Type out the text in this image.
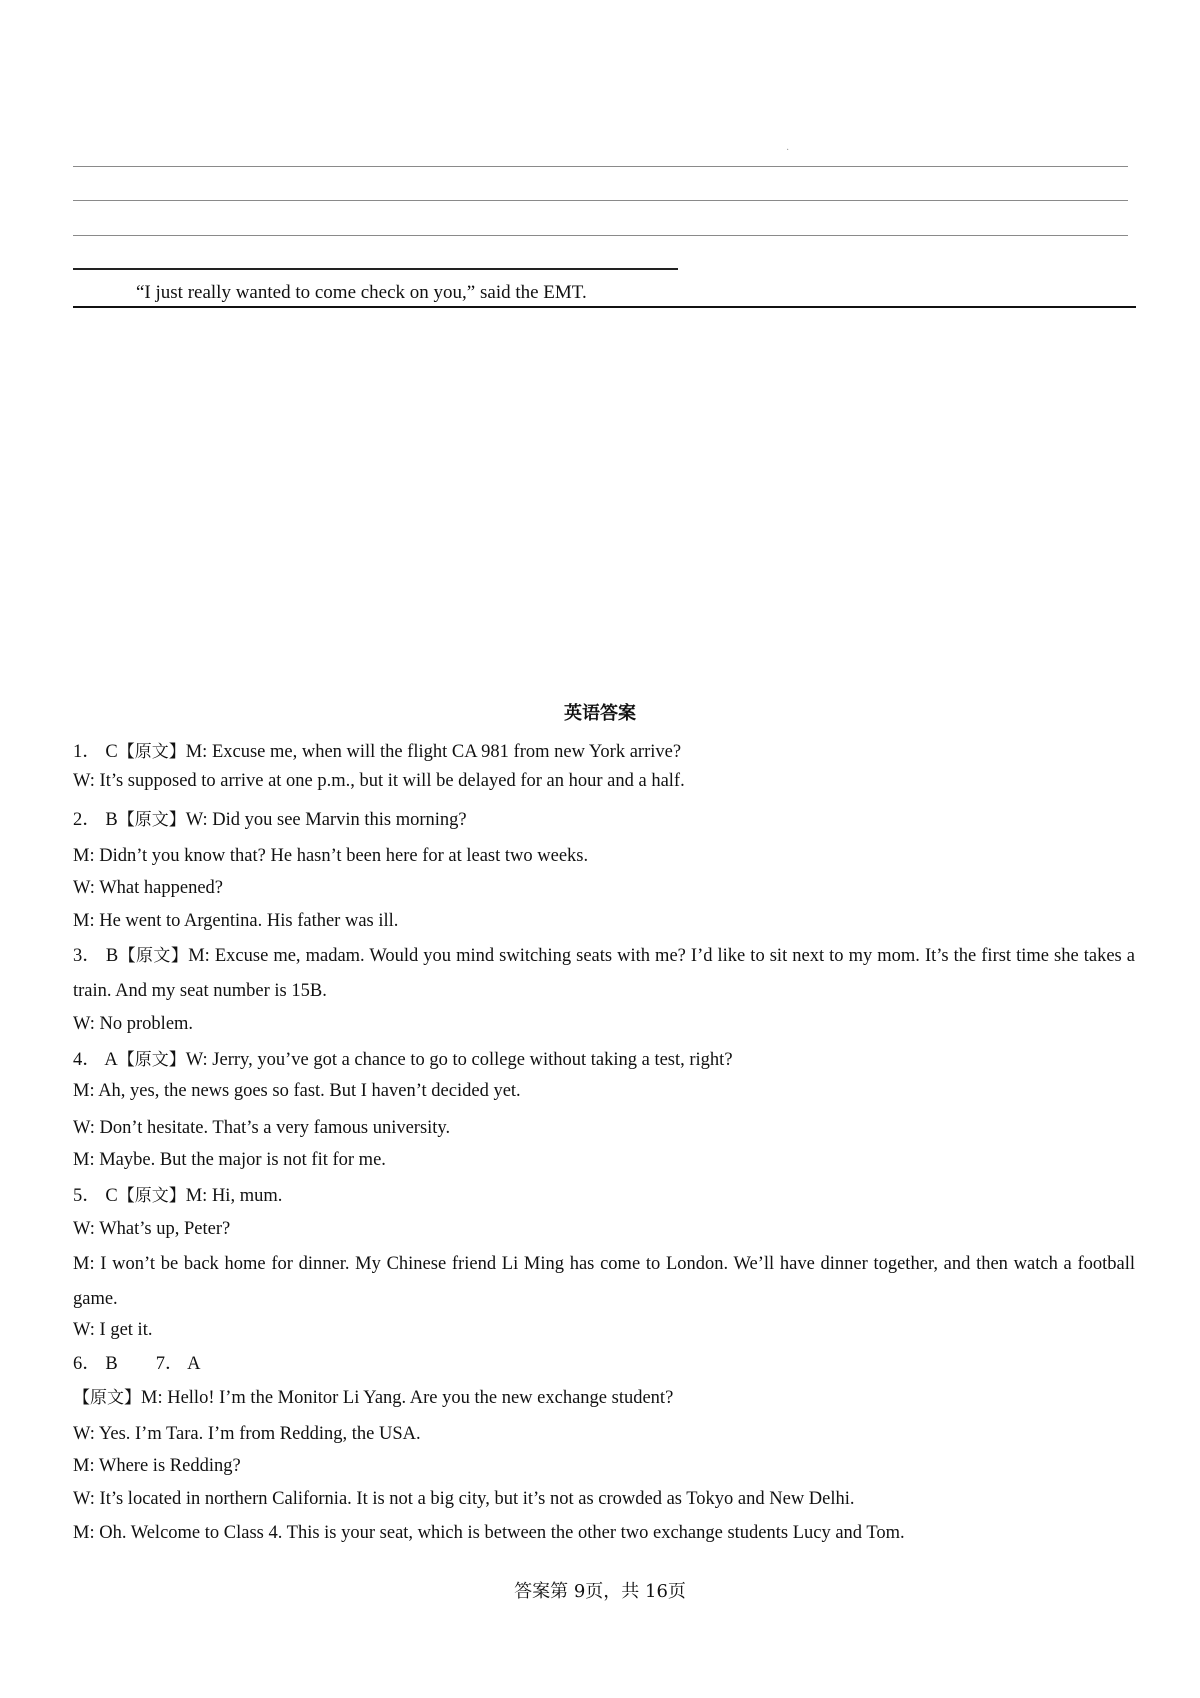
·
“I just really wanted to come check on you,” said the EMT.
英语答案
1． C【原文】M: Excuse me, when will the flight CA 981 from new York arrive?
W: It’s supposed to arrive at one p.m., but it will be delayed for an hour and a half.
2． B【原文】W: Did you see Marvin this morning?
M: Didn’t you know that? He hasn’t been here for at least two weeks.
W: What happened?
M: He went to Argentina. His father was ill.
3． B【原文】M: Excuse me, madam. Would you mind switching seats with me? I’d like to sit next to my mom. It’s the first time she takes a train. And my seat number is 15B.
W: No problem.
4． A【原文】W: Jerry, you’ve got a chance to go to college without taking a test, right?
M: Ah, yes, the news goes so fast. But I haven’t decided yet.
W: Don’t hesitate. That’s a very famous university.
M: Maybe. But the major is not fit for me.
5． C【原文】M: Hi, mum.
W: What’s up, Peter?
M: I won’t be back home for dinner. My Chinese friend Li Ming has come to London. We’ll have dinner together, and then watch a football game.
W: I get it.
6． B 7． A
【原文】M: Hello! I’m the Monitor Li Yang. Are you the new exchange student?
W: Yes. I’m Tara. I’m from Redding, the USA.
M: Where is Redding?
W: It’s located in northern California. It is not a big city, but it’s not as crowded as Tokyo and New Delhi.
M: Oh. Welcome to Class 4. This is your seat, which is between the other two exchange students Lucy and Tom.
答案第 9页，共 16页
